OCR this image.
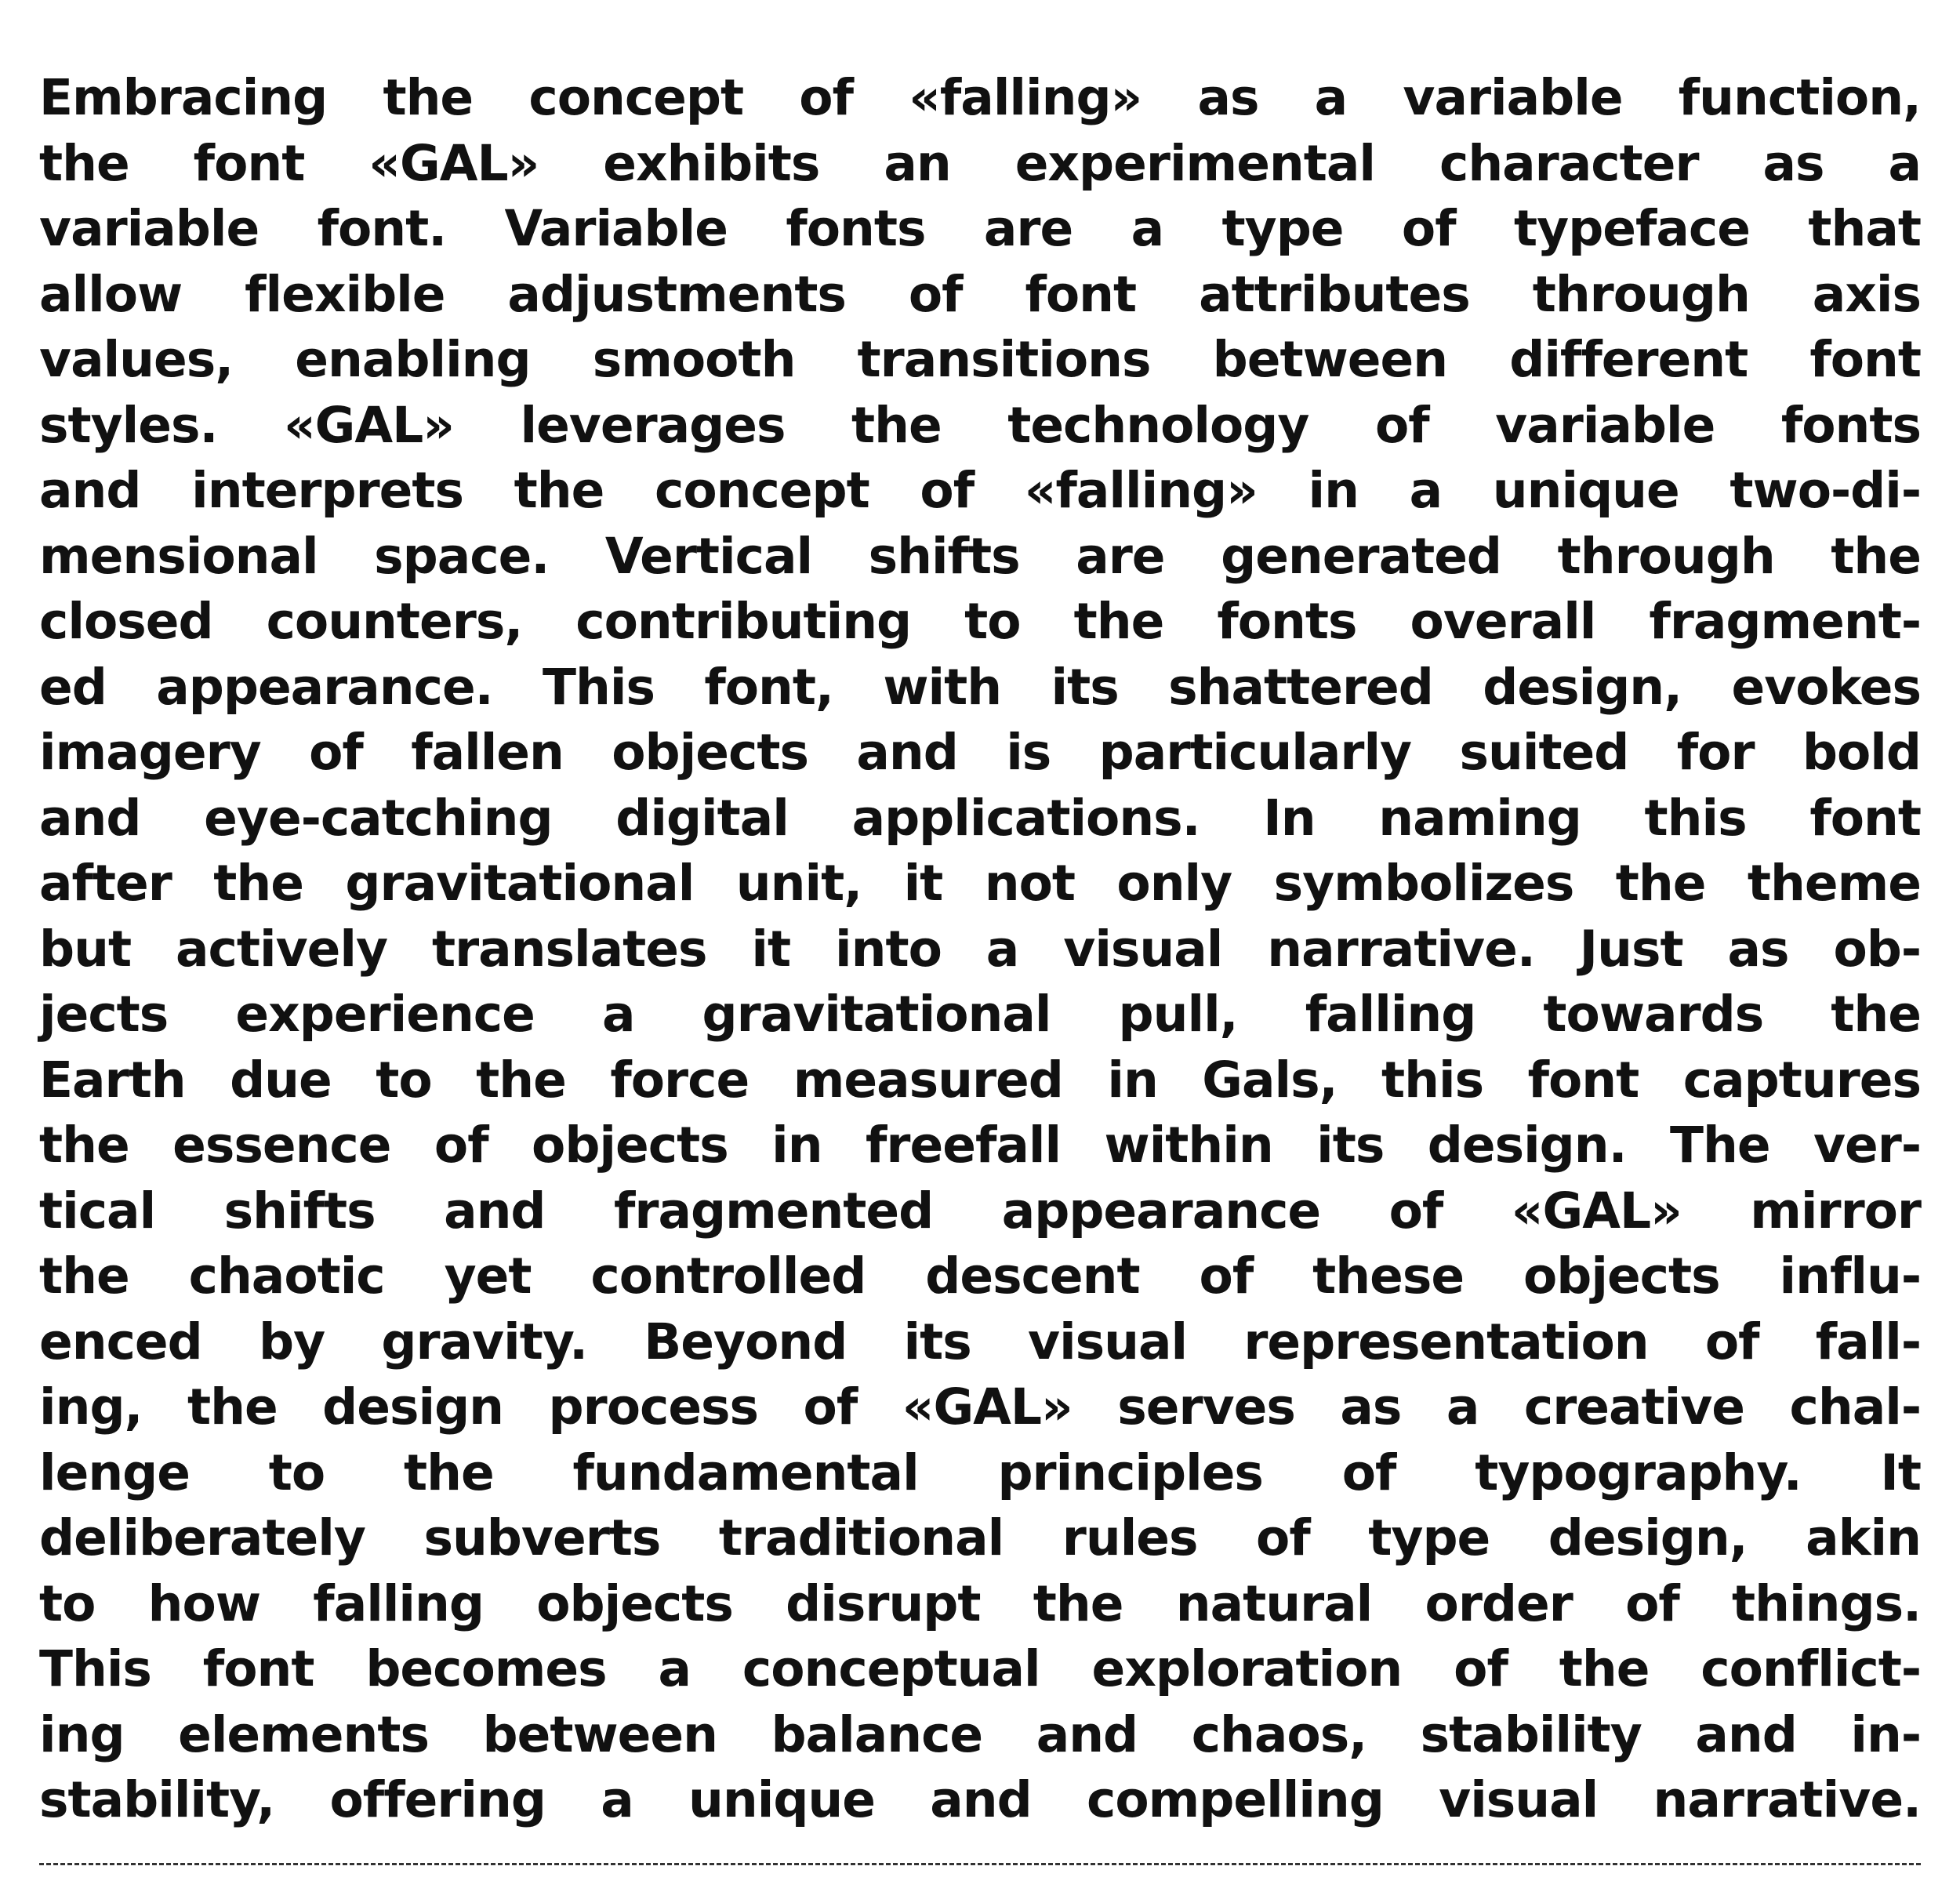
Embracing the concept of «falling» as a variable function,
the font «GAL» exhibits an experimental character as a
variable font. Variable fonts are a type of typeface that
allow flexible adjustments of font attributes through axis
values, enabling smooth transitions between different font
styles. «GAL» leverages the technology of variable fonts
and interprets the concept of «falling» in a unique two-di-
mensional space. Vertical shifts are generated through the
closed counters, contributing to the fonts overall fragment-
ed appearance. This font, with its shattered design, evokes
imagery of fallen objects and is particularly suited for bold
and eye-catching digital applications. In naming this font
after the gravitational unit, it not only symbolizes the theme
but actively translates it into a visual narrative. Just as ob-
jects experience a gravitational pull, falling towards the
Earth due to the force measured in Gals, this font captures
the essence of objects in freefall within its design. The ver-
tical shifts and fragmented appearance of «GAL» mirror
the chaotic yet controlled descent of these objects influ-
enced by gravity. Beyond its visual representation of fall-
ing, the design process of «GAL» serves as a creative chal-
lenge to the fundamental principles of typography. It
deliberately subverts traditional rules of type design, akin
to how falling objects disrupt the natural order of things.
This font becomes a conceptual exploration of the conflict-
ing elements between balance and chaos, stability and in-
stability, offering a unique and compelling visual narrative.
